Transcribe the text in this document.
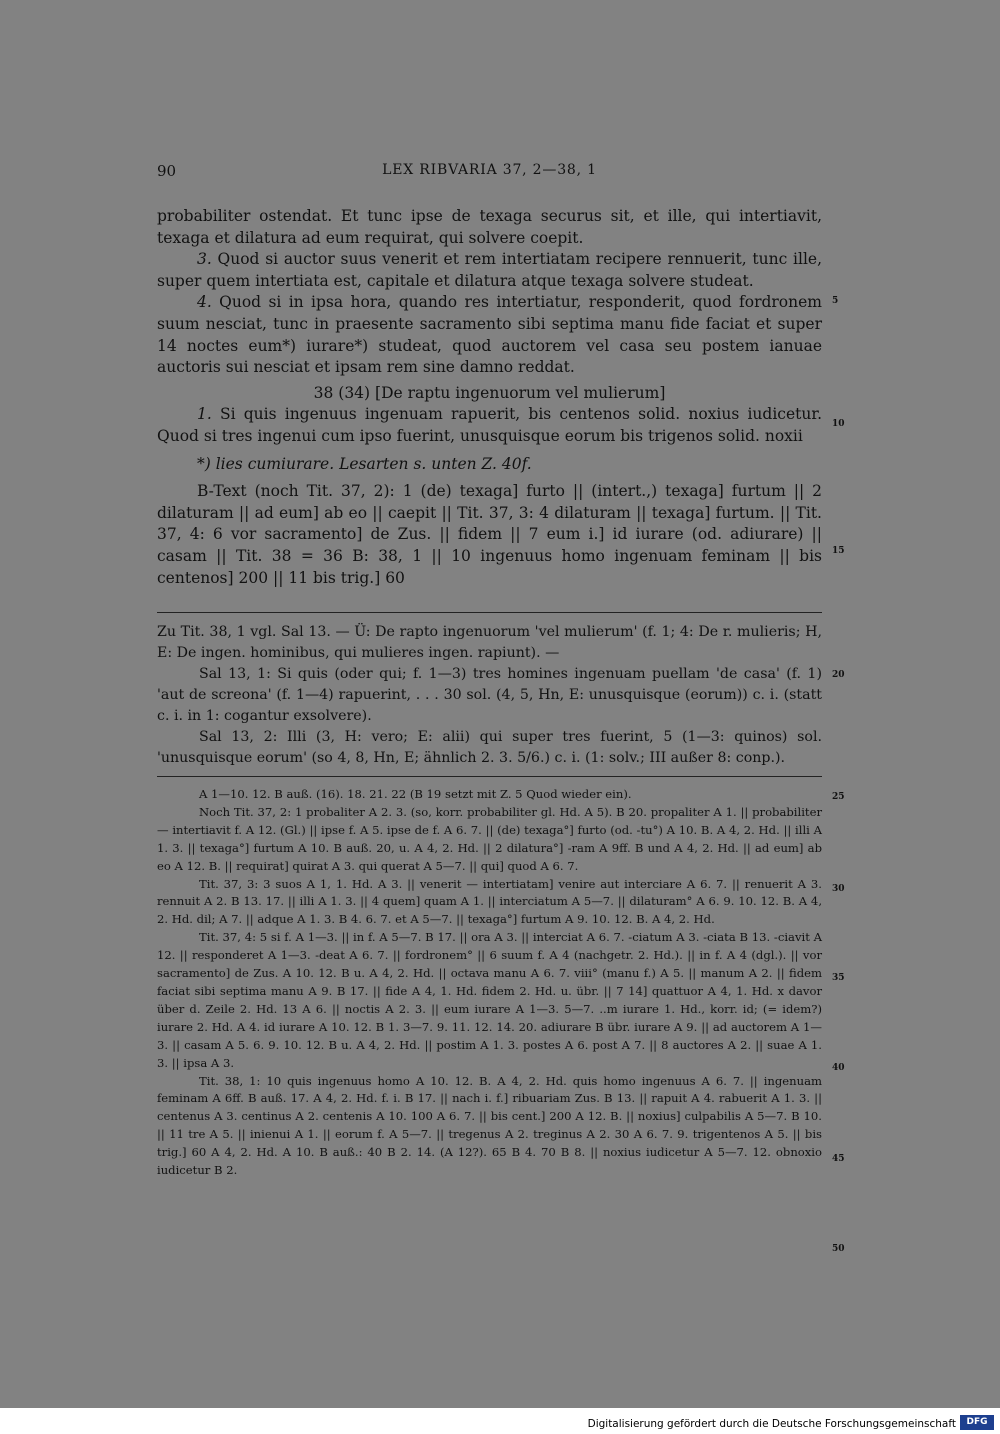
90	LEX RIBVARIA 37, 2—38, 1

probabiliter ostendat. Et tunc ipse de texaga securus sit, et ille, qui intertiavit, texaga et dilatura ad eum requirat, qui solvere coepit.

3. Quod si auctor suus venerit et rem intertiatam recipere rennuerit, tunc ille, super quem intertiata est, capitale et dilatura atque texaga solvere studeat.

4. Quod si in ipsa hora, quando res intertiatur, responderit, quod fordronem suum nesciat, tunc in praesente sacramento sibi septima manu fide faciat et super 14 noctes eum*) iurare*) studeat, quod auctorem vel casa seu postem ianuae auctoris sui nesciat et ipsam rem sine damno reddat.

38 (34) [De raptu ingenuorum vel mulierum]

1. Si quis ingenuus ingenuam rapuerit, bis centenos solid. noxius iudicetur. Quod si tres ingenui cum ipso fuerint, unusquisque eorum bis trigenos solid. noxii

*) lies cumiurare. Lesarten s. unten Z. 40f.

B-Text (noch Tit. 37, 2): 1 (de) texaga] furto || (intert.,) texaga] furtum || 2 dilaturam || ad eum] ab eo || caepit || Tit. 37, 3: 4 dilaturam || texaga] furtum. || Tit. 37, 4: 6 vor sacramento] de Zus. || fidem || 7 eum i.] id iurare (od. adiurare) || casam || Tit. 38 = 36 B: 38, 1 || 10 ingenuus homo ingenuam feminam || bis centenos] 200 || 11 bis trig.] 60

Zu Tit. 38, 1 vgl. Sal 13. — Ü: De rapto ingenuorum 'vel mulierum' (f. 1; 4: De r. mulieris; H, E: De ingen. hominibus, qui mulieres ingen. rapiunt). —

Sal 13, 1: Si quis (oder qui; f. 1—3) tres homines ingenuam puellam 'de casa' (f. 1) 'aut de screona' (f. 1—4) rapuerint, . . . 30 sol. (4, 5, Hn, E: unusquisque (eorum)) c. i. (statt c. i. in 1: cogantur exsolvere).

Sal 13, 2: Illi (3, H: vero; E: alii) qui super tres fuerint, 5 (1—3: quinos) sol. 'unusquisque eorum' (so 4, 8, Hn, E; ähnlich 2. 3. 5/6.) c. i. (1: solv.; III außer 8: conp.).

A 1—10. 12. B auß. (16). 18. 21. 22 (B 19 setzt mit Z. 5 Quod wieder ein).

Noch Tit. 37, 2: 1 probaliter A 2. 3. (so, korr. probabiliter gl. Hd. A 5). B 20. propaliter A 1. || probabiliter — intertiavit f. A 12. (Gl.) || ipse f. A 5. ipse de f. A 6. 7. || (de) texaga°] furto (od. -tu°) A 10. B. A 4, 2. Hd. || illi A 1. 3. || texaga°] furtum A 10. B auß. 20, u. A 4, 2. Hd. || 2 dilatura°] -ram A 9ff. B und A 4, 2. Hd. || ad eum] ab eo A 12. B. || requirat] quirat A 3. qui querat A 5—7. || qui] quod A 6. 7.

Tit. 37, 3: 3 suos A 1, 1. Hd. A 3. || venerit — intertiatam] venire aut interciare A 6. 7. || renuerit A 3. rennuit A 2. B 13. 17. || illi A 1. 3. || 4 quem] quam A 1. || interciatum A 5—7. || dilaturam° A 6. 9. 10. 12. B. A 4, 2. Hd. dil; A 7. || adque A 1. 3. B 4. 6. 7. et A 5—7. || texaga°] furtum A 9. 10. 12. B. A 4, 2. Hd.

Tit. 37, 4: 5 si f. A 1—3. || in f. A 5—7. B 17. || ora A 3. || interciat A 6. 7. -ciatum A 3. -ciata B 13. -ciavit A 12. || responderet A 1—3. -deat A 6. 7. || fordronem° || 6 suum f. A 4 (nachgetr. 2. Hd.). || in f. A 4 (dgl.). || vor sacramento] de Zus. A 10. 12. B u. A 4, 2. Hd. || octava manu A 6. 7. viii° (manu f.) A 5. || manum A 2. || fidem faciat sibi septima manu A 9. B 17. || fide A 4, 1. Hd. fidem 2. Hd. u. übr. || 7 14] quattuor A 4, 1. Hd. x davor über d. Zeile 2. Hd. 13 A 6. || noctis A 2. 3. || eum iurare A 1—3. 5—7. ..m iurare 1. Hd., korr. id; (= idem?) iurare 2. Hd. A 4. id iurare A 10. 12. B 1. 3—7. 9. 11. 12. 14. 20. adiurare B übr. iurare A 9. || ad auctorem A 1—3. || casam A 5. 6. 9. 10. 12. B u. A 4, 2. Hd. || postim A 1. 3. postes A 6. post A 7. || 8 auctores A 2. || suae A 1. 3. || ipsa A 3.

Tit. 38, 1: 10 quis ingenuus homo A 10. 12. B. A 4, 2. Hd. quis homo ingenuus A 6. 7. || ingenuam feminam A 6ff. B auß. 17. A 4, 2. Hd. f. i. B 17. || nach i. f.] ribuariam Zus. B 13. || rapuit A 4. rabuerit A 1. 3. || centenus A 3. centinus A 2. centenis A 10. 100 A 6. 7. || bis cent.] 200 A 12. B. || noxius] culpabilis A 5—7. B 10. || 11 tre A 5. || inienui A 1. || eorum f. A 5—7. || tregenus A 2. treginus A 2. 30 A 6. 7. 9. trigentenos A 5. || bis trig.] 60 A 4, 2. Hd. A 10. B auß.: 40 B 2. 14. (A 12?). 65 B 4. 70 B 8. || noxius iudicetur A 5—7. 12. obnoxio iudicetur B 2.

5
10
15
20
25
30
35
40
45
50
Digitalisierung gefördert durch die Deutsche Forschungsgemeinschaft	DFG
